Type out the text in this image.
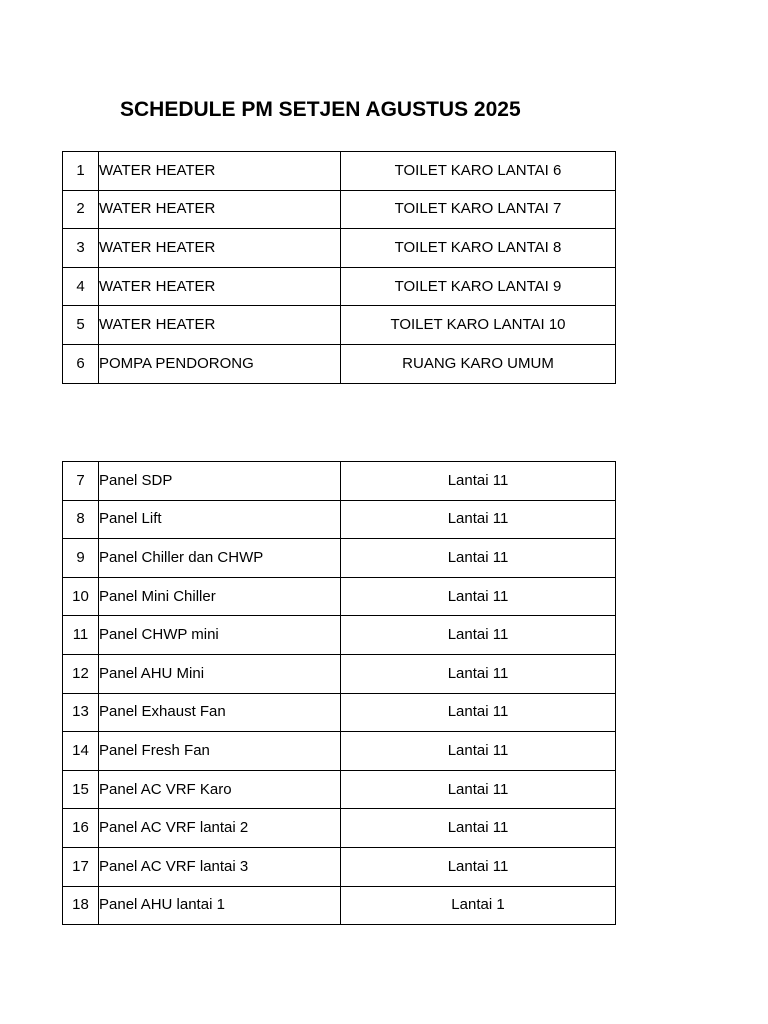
SCHEDULE PM SETJEN AGUSTUS 2025
1	WATER HEATER	TOILET KARO LANTAI 6
2	WATER HEATER	TOILET KARO LANTAI 7
3	WATER HEATER	TOILET KARO LANTAI 8
4	WATER HEATER	TOILET KARO LANTAI 9
5	WATER HEATER	TOILET KARO LANTAI 10
6	POMPA PENDORONG	RUANG KARO UMUM
7	Panel SDP	Lantai 11
8	Panel Lift	Lantai 11
9	Panel Chiller dan CHWP	Lantai 11
10	Panel Mini Chiller	Lantai 11
11	Panel CHWP mini	Lantai 11
12	Panel AHU Mini	Lantai 11
13	Panel Exhaust Fan	Lantai 11
14	Panel Fresh Fan	Lantai 11
15	Panel AC VRF Karo	Lantai 11
16	Panel AC VRF lantai 2	Lantai 11
17	Panel AC VRF lantai 3	Lantai 11
18	Panel AHU lantai 1	Lantai 1
